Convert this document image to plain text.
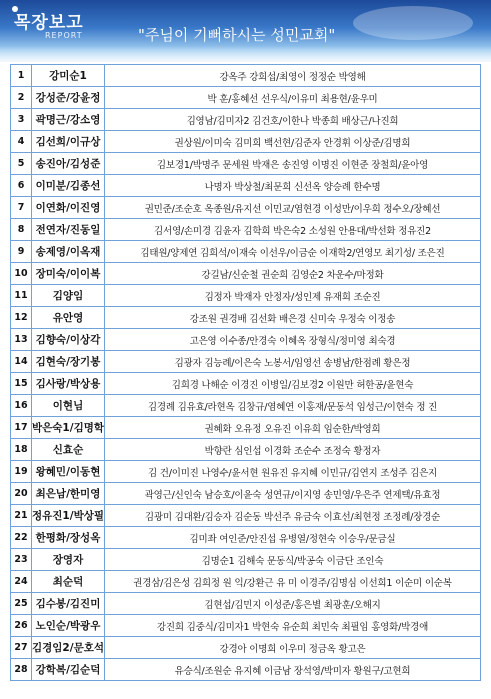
목장보고
REPORT	"주님이 기뻐하시는 성민교회"
1	강미순1	강옥주 강희섭/최영이 정정순 박영해
2	강성준/강윤정	박 훈/홍혜선 선우식/이유미 최용현/윤우미
3	곽명근/강소영	김영남/김미자2 김건호/이한나 박종희 배상근/나진희
4	김선희/이규상	권상원/이미숙 김미희 백선현/김준자 안경휘 이상준/김명희
5	송진아/김성준	김보경1/박명주 문세원 박재은 송진영 이명진 이현준 장철희/윤아영
6	이미분/김종선	나명자 박상철/최문희 신선옥 양승례 한수명
7	이연화/이진영	권민준/조순호 옥종원/유지선 이민교/염현경 이성만/이우희 정수오/장혜선
8	전연자/진동일	김서영/손미경 김윤자 김학희 박은숙2 소성원 안용대/박선화 정유진2
9	송제영/이옥재	김태원/양제연 김희석/이재숙 이선우/이금순 이재학2/연영모 최기성/ 조은진
10	장미숙/이이복	강길남/신순철 권순희 김영순2 차운수/마정화
11	김양임	김정자 박재자 안정자/성인제 유재희 조순진
12	유안영	강조원 권경배 김선화 배은경 신미숙 우정숙 이정송
13	김향숙/이상각	고은영 이수종/안경숙 이혜옥 장형식/정미영 최숙경
14	김현숙/장기봉	김광자 김능례/이은숙 노봉서/임영선 송병남/한점례 황은정
15	김사랑/박상용	김희경 나해순 이경진 이병일/김보경2 이원만 허한공/윤현숙
16	이현님	김경례 김유효/라현옥 김창규/염혜연 이홍재/문동석 임성근/이현숙 정 진
17	박은숙1/김명학	권혜화 오유정 오유진 이유희 임순한/박영희
18	신효순	박향란 심인섭 이경화 조순수 조정숙 황정자
19	왕혜민/이동현	김 건/이미진 나영수/윤서현 원유진 유지혜 이민규/김연지 조성주 김은지
20	최은남/한미영	곽영근/신인숙 남승호/이윤숙 성연규/이지영 송민영/우은주 연제택/유효정
21	정유진1/박상필	김광미 김대환/김승자 김순동 박선주 유금숙 이효선/최현정 조정례/장경순
22	한평화/장성옥	김미좌 여인준/안진섭 유병열/정현숙 이승우/문금실
23	장영자	김명순1 김해숙 문동식/박공숙 이금단 조인숙
24	최순덕	권경삼/김은성 김희정 원 익/강환근 유 미 이경주/김명심 이선희1 이순미 이순복
25	김수봉/김진미	김현섭/김민지 이성준/홍은별 최광훈/오해지
26	노인순/박광우	강진희 김중식/김미자1 박현숙 유순희 최민숙 최필임 홍영화/박경애
27	김경임2/문호석	강경아 이명희 이우미 정금옥 황고은
28	강학복/김순덕	유승식/조원순 유지혜 이금남 장석영/박미자 황원구/고현희
